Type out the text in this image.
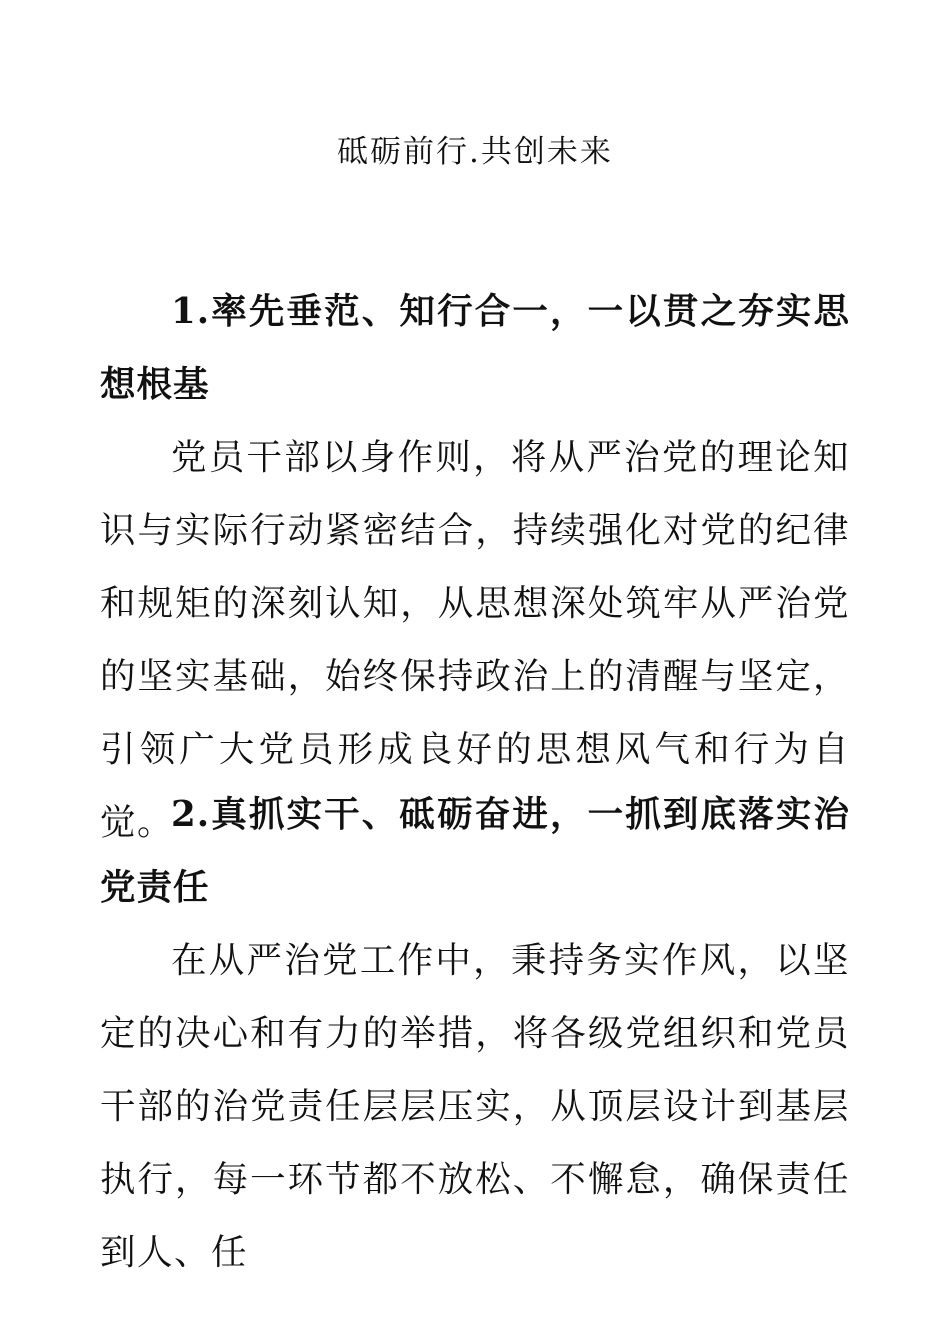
砥砺前行.共创未来
1.率先垂范、知行合一，一以贯之夯实思想根基

党员干部以身作则，将从严治党的理论知识与实际行动紧密结合，持续强化对党的纪律和规矩的深刻认知，从思想深处筑牢从严治党的坚实基础，始终保持政治上的清醒与坚定，引领广大党员形成良好的思想风气和行为自觉。

2.真抓实干、砥砺奋进，一抓到底落实治党责任

在从严治党工作中，秉持务实作风，以坚定的决心和有力的举措，将各级党组织和党员干部的治党责任层层压实，从顶层设计到基层执行，每一环节都不放松、不懈怠，确保责任到人、任
